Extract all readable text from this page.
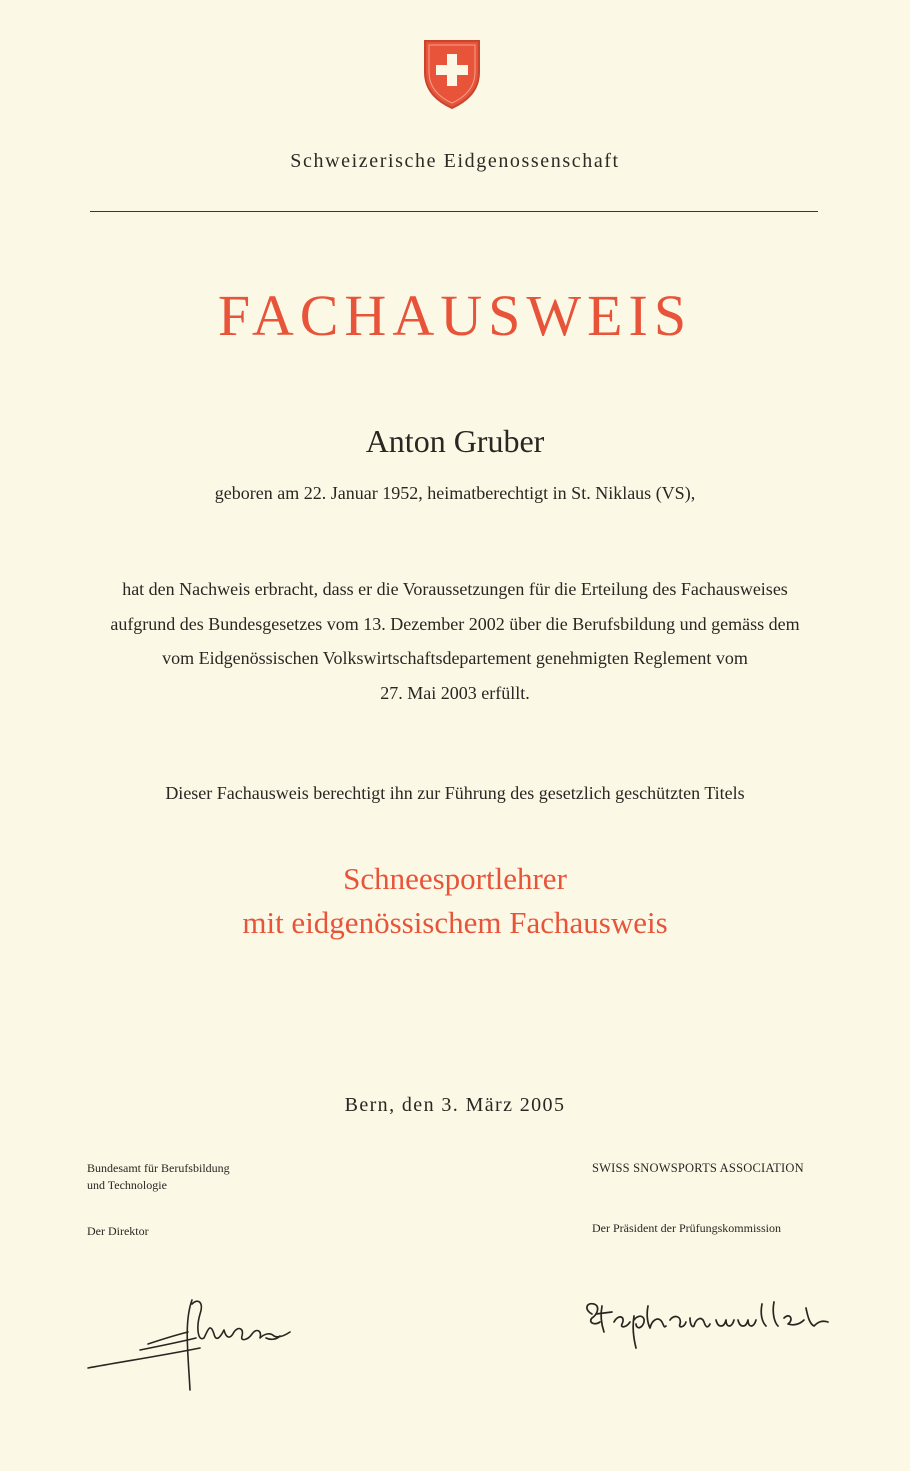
Schweizerische Eidgenossenschaft
FACHAUSWEIS
Anton Gruber
geboren am 22. Januar 1952, heimatberechtigt in St. Niklaus (VS),
hat den Nachweis erbracht, dass er die Voraussetzungen für die Erteilung des Fachausweises
aufgrund des Bundesgesetzes vom 13. Dezember 2002 über die Berufsbildung und gemäss dem
vom Eidgenössischen Volkswirtschaftsdepartement genehmigten Reglement vom
27. Mai 2003 erfüllt.
Dieser Fachausweis berechtigt ihn zur Führung des gesetzlich geschützten Titels
Schneesportlehrer
mit eidgenössischem Fachausweis
Bern, den 3. März 2005
Bundesamt für Berufsbildung
und Technologie
Der Direktor
SWISS SNOWSPORTS ASSOCIATION
Der Präsident der Prüfungskommission
